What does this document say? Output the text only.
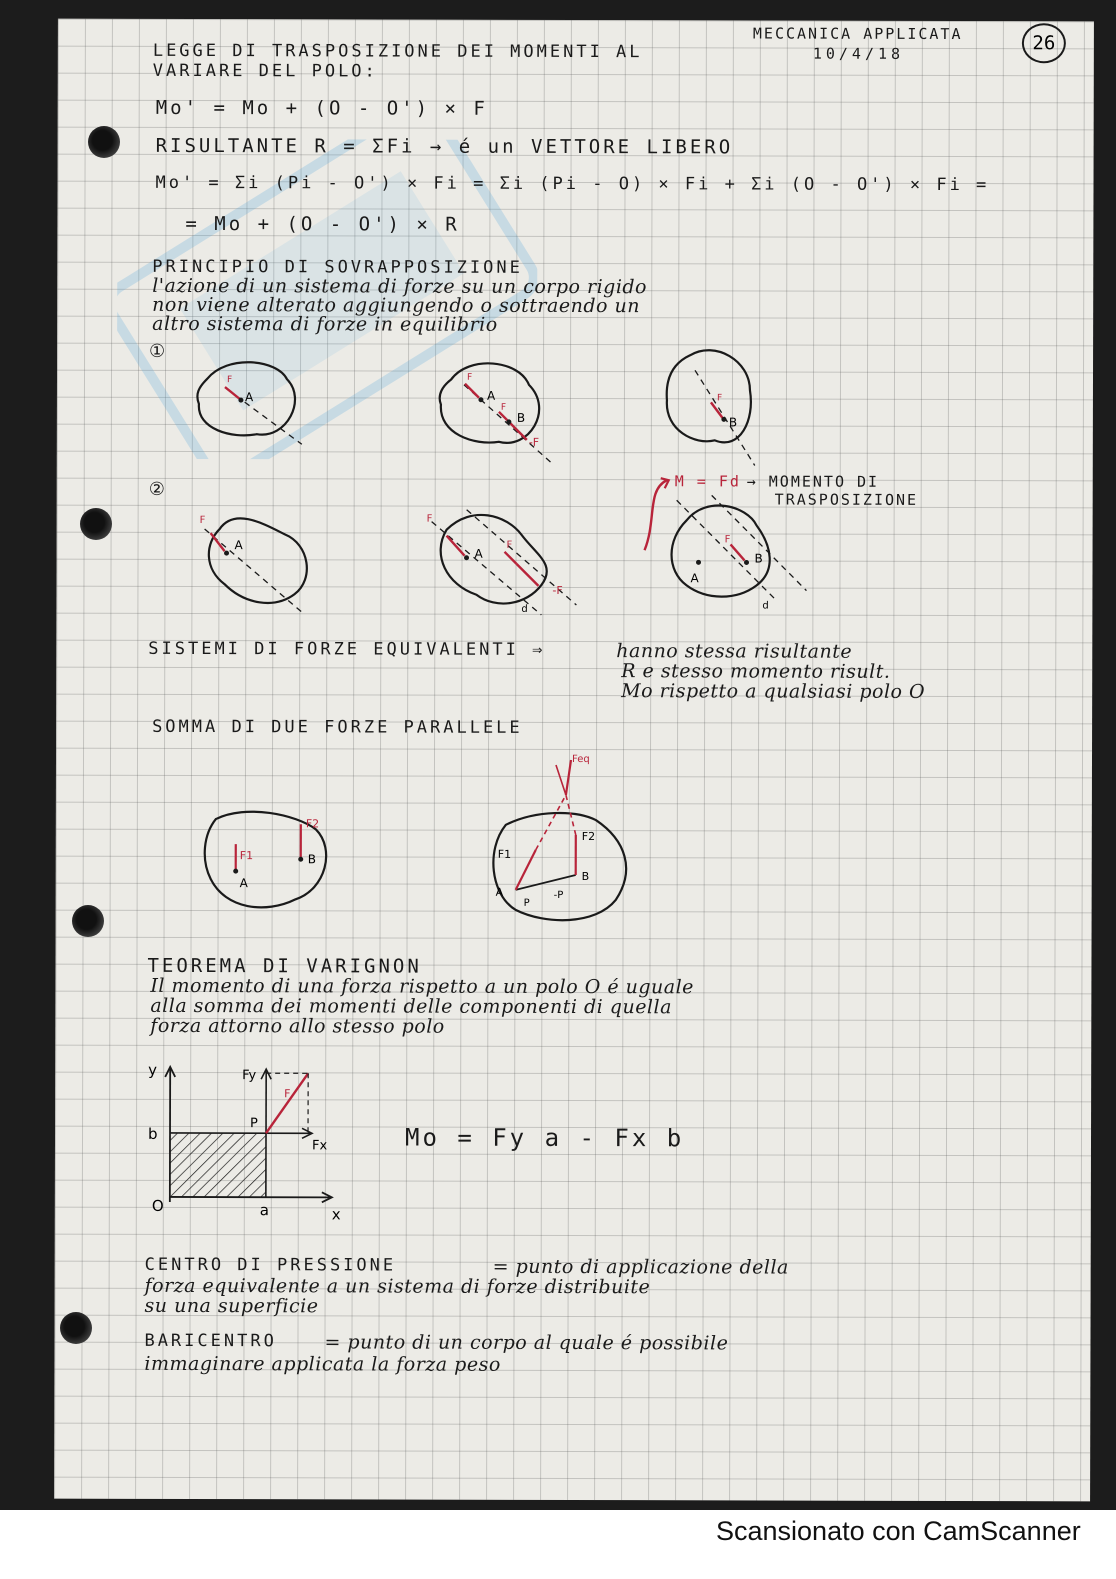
LEGGE DI TRASPOSIZIONE DEI MOMENTI AL
VARIARE DEL POLO:
MECCANICA APPLICATA
10/4/18	26
Mo' = Mo + (O - O') × F
RISULTANTE R = ΣFi → é un VETTORE LIBERO
Mo' = Σi (Pi - O') × Fi = Σi (Pi - O) × Fi + Σi (O - O') × Fi =
= Mo + (O - O') × R
PRINCIPIO DI SOVRAPPOSIZIONE
l'azione di un sistema di forze su un corpo rigido
non viene alterato aggiungendo o sottraendo un
altro sistema di forze in equilibrio
①
②
A
F
A
B
F
F
-F
B
F
A
F
A
F
F
-F
d
A
B
F
d
M = Fd → MOMENTO DI
TRASPOSIZIONE
SISTEMI DI FORZE EQUIVALENTI ⇒	hanno stessa risultante
R e stesso momento risult.
Mo rispetto a qualsiasi polo O
SOMMA DI DUE FORZE PARALLELE
F1
F2
A
B
Feq
F1
F2
A
B
P
-P
TEOREMA DI VARIGNON
Il momento di una forza rispetto a un polo O é uguale
alla somma dei momenti delle componenti di quella
forza attorno allo stesso polo
y
x
O	a
b
P
Fx
Fy
F
Mo = Fy a - Fx b
CENTRO DI PRESSIONE	= punto di applicazione della
forza equivalente a un sistema di forze distribuite
su una superficie
BARICENTRO	= punto di un corpo al quale é possibile
immaginare applicata la forza peso
Scansionato con CamScanner
